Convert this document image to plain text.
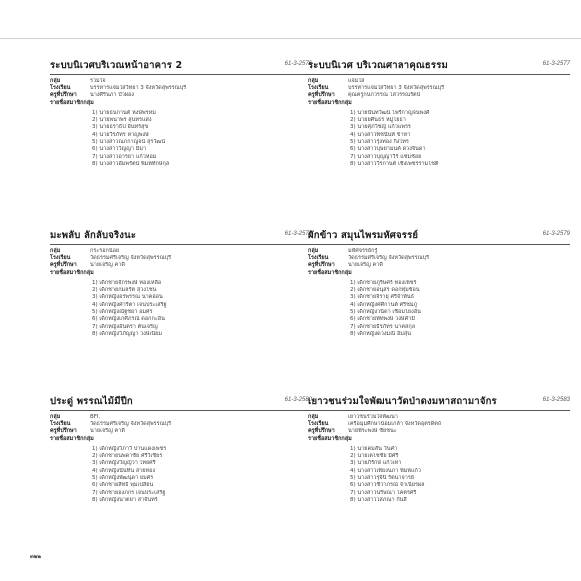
ระบบนิเวศบริเวณหน้าอาคาร 2	61-3-2576
กลุ่ม	รวมใจ
โรงเรียน	บรรหารแจ่มใสวิทยา 3 จังหวัดสุพรรณบุรี
ครูที่ปรึกษา	นางศิรินภา บัวผ่อง
รายชื่อสมาชิกกลุ่ม
1) นายธนกานต์ หงษ์พรหม
2) นายพนาพร สุนทรแสง
3) นายธราธิป อินทร์สุข
4) นายวีรภัทร หาญพงษ์
5) นางสาวณภกาญจน์ สุรวัฒน์
6) นางสาววิญญา มีมา
7) นางสาวอารยา แก้วหอม
8) นางสาวอัมพรัตน์ พิมพ์ทักษ์กุล
ระบบนิเวศ บริเวณศาลาคุณธรรม	61-3-2577
กลุ่ม	แจ่มใส
โรงเรียน	บรรหารแจ่มใสวิทยา 3 จังหวัดสุพรรณบุรี
ครูที่ปรึกษา	คุณครูกนกวรรณ โสวรรณรัตน์
รายชื่อสมาชิกกลุ่ม
1) นายนันทวัฒน์ ไพรีกาญจนพงศ์
2) นายยศินธร หมู่โยธา
3) นายศุภวิชญ์ แก้วแพรร
4) นางสาวพิชนันท์ ข้าหา
5) นางสาวรุ่งทอง กิ่งไทร
6) นางสาวบุษยามนต์ ดวงจินดา
7) นางสาวบุญญาวีร์ แช่มช้อย
8) นางสาววีรกานต์ เชิงเพชรรามโชติ
มะพลับ ลักลับจริงนะ	61-3-2578
กลุ่ม	กระรอกน้อย
โรงเรียน	วัดธรรมศรีเจริญ จังหวัดสุพรรณบุรี
ครูที่ปรึกษา	นายเจริญ คาดี
รายชื่อสมาชิกกลุ่ม
1) เด็กชายจักรพงษ์ ทองเหลือ
2) เด็กชายกมลรัต สุวงโชน
3) เด็กหญิงอรพรรณ นาคอ่อน
4) เด็กหญิงศาริตา เจนประเสริฐ
5) เด็กหญิงณัฐชยา อมศร
6) เด็กหญิงเกศิภรณ์ ดอกกะอิน
7) เด็กหญิงอันตรา ต้นเจริญ
8) เด็กหญิงวิภัญญา วงษ์เนียม
ผักข้าว สมุนไพรมหัศจรรย์	61-3-2579
กลุ่ม	มหัศจรรย์กรู๋
โรงเรียน	วัดธรรมศรีเจริญ จังหวัดสุพรรณบุรี
ครูที่ปรึกษา	นายเจริญ คาดี
รายชื่อสมาชิกกลุ่ม
1) เด็กชายภูริษศร์ ทองเพ็ชร์
2) เด็กชายอนุสร ดอกทุ่มช้อน
3) เด็กชายจิรายุ ศรีจำพันธ์
4) เด็กหญิงศศิกานต์ ศรีชมภู
5) เด็กหญิงวนิดา เชื่อมโยงอัน
6) เด็กชายพัทพงษ์ วงษ์คำมี
7) เด็กชายธีรภัทร นาคสกุล
8) เด็กหญิงดวงมณี อิ่มสุ่น
ประดู่ พรรณไม้มีปีก	61-3-2580
กลุ่ม	BFI.
โรงเรียน	วัดธรรมศรีเจริญ จังหวัดสุพรรณบุรี
ครูที่ปรึกษา	นายเจริญ คาดี
รายชื่อสมาชิกกลุ่ม
1) เด็กหญิงวิภาวี ปานแดงเพชร
2) เด็กชายนพดาชัย ศรีวิเชียร
3) เด็กหญิงวิญญ์วา ไทยศรี
4) เด็กหญิงนันทิน สายทอง
5) เด็กหญิงพัฒนุดา ยมศร
6) เด็กชายสิทธิ์ พุ่มเปลี่ยน
7) เด็กชายองภกร เจนประเสริฐ
8) เด็กหญิงนาตยา สาจันทร์
เยาวชนร่วมใจพัฒนาวัดป่าดงมหาสถามาจักร	61-3-2583
กลุ่ม	เยาวชนร่วมใจพัฒนา
โรงเรียน	เครือมุมศึกษาน้อมเกล้า จังหวัดอุตรดิตถ์
ครูที่ปรึกษา	นายพีระพงษ์ ชัยชนะ
รายชื่อสมาชิกกลุ่ม
1) นายคมสัน วันคำ
2) นายเตโชชัย มีศรี
3) นายภิรักษ์ แก้วเทา
4) นางสาวเพียงนภา พิมพ์แก้ว
5) นางสาวรุจินี รัตนาจารย์
6) นางสาวชีวาภรณ์ จำเนียรผล
7) นางสาวนริษณา โคตรศรี
8) นางสาวโสภณา กันสี
๓๒๒
